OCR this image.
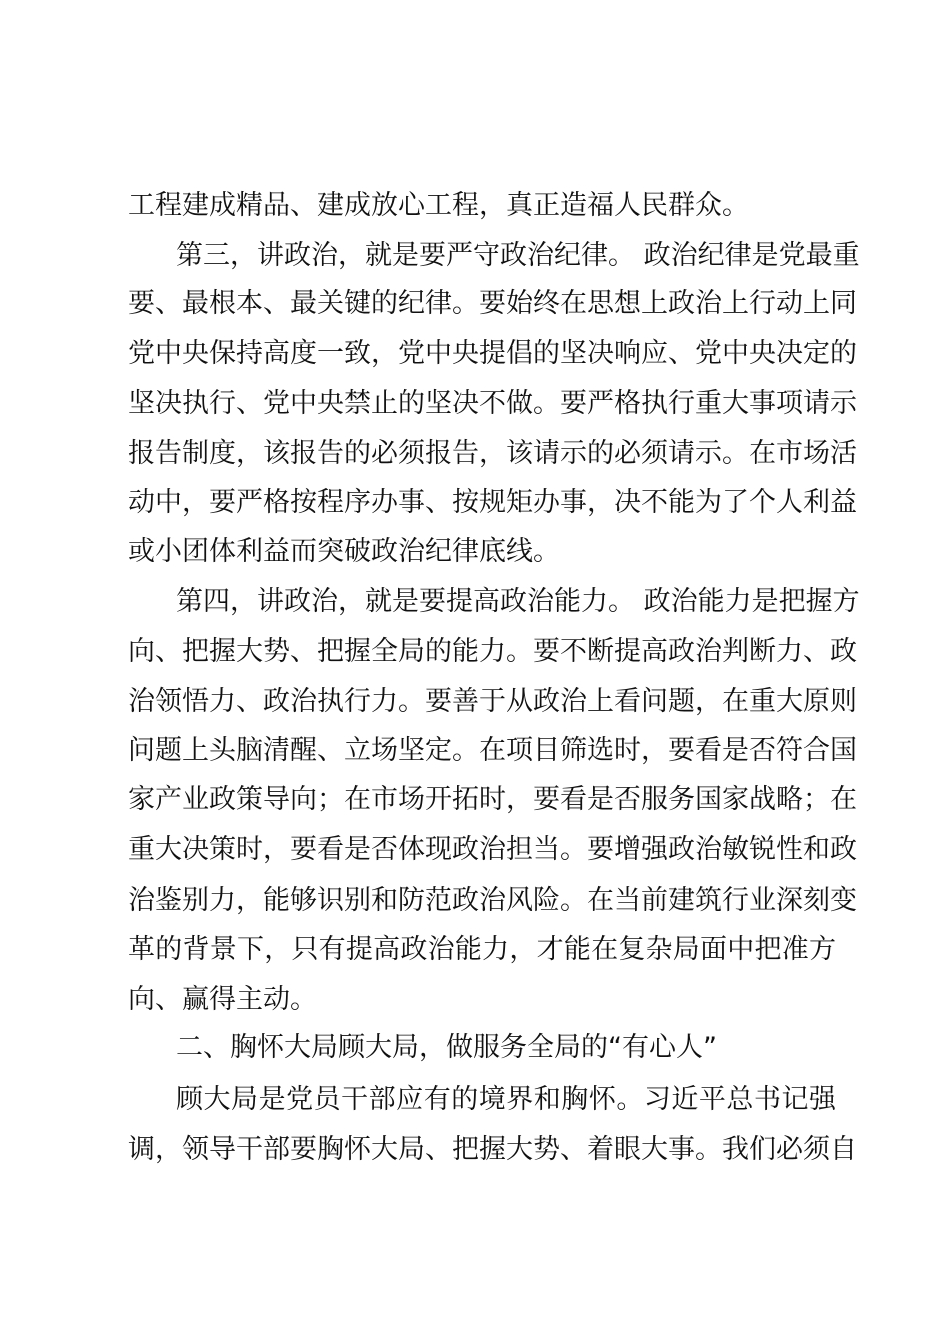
工程建成精品、建成放心工程，真正造福人民群众。
第三，讲政治，就是要严守政治纪律。 政治纪律是党最重
要、最根本、最关键的纪律。要始终在思想上政治上行动上同
党中央保持高度一致，党中央提倡的坚决响应、党中央决定的
坚决执行、党中央禁止的坚决不做。要严格执行重大事项请示
报告制度，该报告的必须报告，该请示的必须请示。在市场活
动中，要严格按程序办事、按规矩办事，决不能为了个人利益
或小团体利益而突破政治纪律底线。
第四，讲政治，就是要提高政治能力。 政治能力是把握方
向、把握大势、把握全局的能力。要不断提高政治判断力、政
治领悟力、政治执行力。要善于从政治上看问题，在重大原则
问题上头脑清醒、立场坚定。在项目筛选时，要看是否符合国
家产业政策导向；在市场开拓时，要看是否服务国家战略；在
重大决策时，要看是否体现政治担当。要增强政治敏锐性和政
治鉴别力，能够识别和防范政治风险。在当前建筑行业深刻变
革的背景下，只有提高政治能力，才能在复杂局面中把准方
向、赢得主动。
二、胸怀大局顾大局，做服务全局的“有心人”
顾大局是党员干部应有的境界和胸怀。习近平总书记强
调，领导干部要胸怀大局、把握大势、着眼大事。我们必须自
